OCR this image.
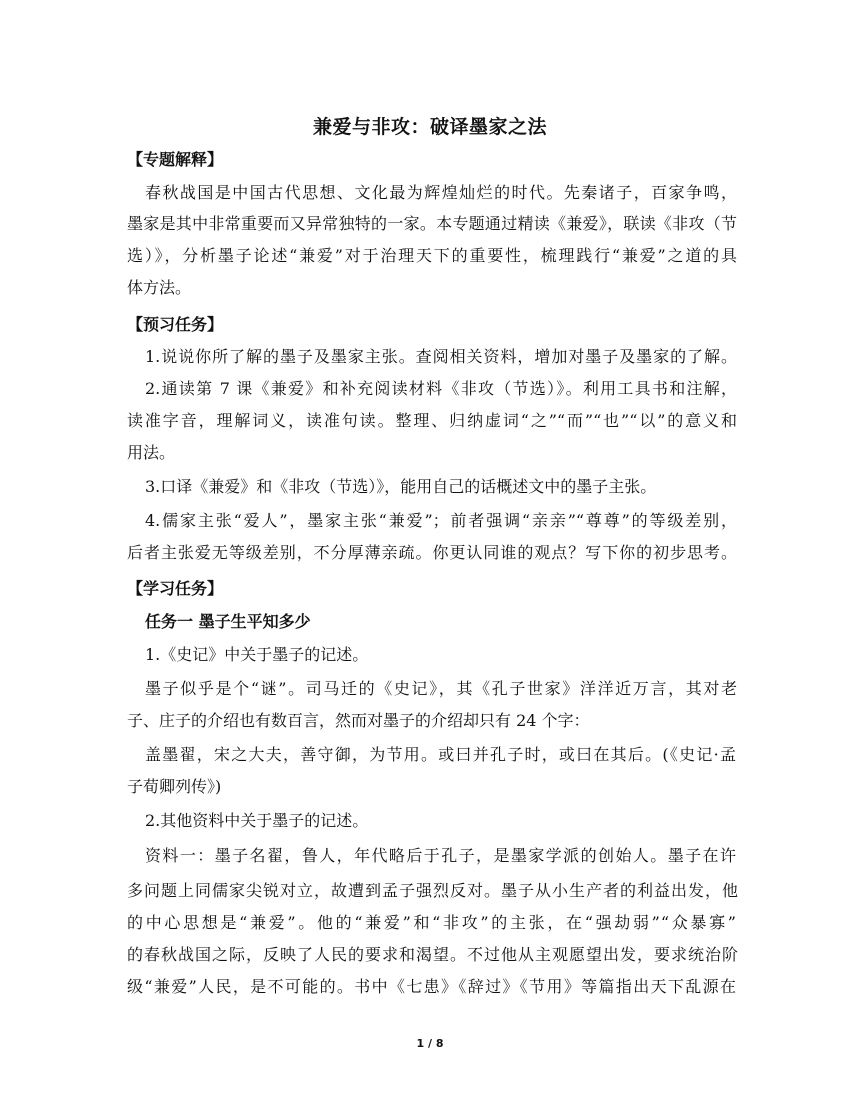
兼爱与非攻：破译墨家之法
【专题解释】
春秋战国是中国古代思想、文化最为辉煌灿烂的时代。先秦诸子，百家争鸣，
墨家是其中非常重要而又异常独特的一家。本专题通过精读《兼爱》，联读《非攻（节
选）》，分析墨子论述“兼爱”对于治理天下的重要性，梳理践行“兼爱”之道的具
体方法。
【预习任务】
1.说说你所了解的墨子及墨家主张。查阅相关资料，增加对墨子及墨家的了解。
2.通读第 7 课《兼爱》和补充阅读材料《非攻（节选）》。利用工具书和注解，
读准字音，理解词义，读准句读。整理、归纳虚词“之”“而”“也”“以”的意义和
用法。
3.口译《兼爱》和《非攻（节选）》，能用自己的话概述文中的墨子主张。
4.儒家主张“爱人”，墨家主张“兼爱”；前者强调“亲亲”“尊尊”的等级差别，
后者主张爱无等级差别，不分厚薄亲疏。你更认同谁的观点？写下你的初步思考。
【学习任务】
任务一 墨子生平知多少
1.《史记》中关于墨子的记述。
墨子似乎是个“谜”。司马迁的《史记》，其《孔子世家》洋洋近万言，其对老
子、庄子的介绍也有数百言，然而对墨子的介绍却只有 24 个字：
盖墨翟，宋之大夫，善守御，为节用。或曰并孔子时，或曰在其后。(《史记·孟
子荀卿列传》)
2.其他资料中关于墨子的记述。
资料一：墨子名翟，鲁人，年代略后于孔子，是墨家学派的创始人。墨子在许
多问题上同儒家尖锐对立，故遭到孟子强烈反对。墨子从小生产者的利益出发，他
的中心思想是“兼爱”。他的“兼爱”和“非攻”的主张，在“强劫弱”“众暴寡”
的春秋战国之际，反映了人民的要求和渴望。不过他从主观愿望出发，要求统治阶
级“兼爱”人民，是不可能的。书中《七患》《辞过》《节用》等篇指出天下乱源在
1 / 8
